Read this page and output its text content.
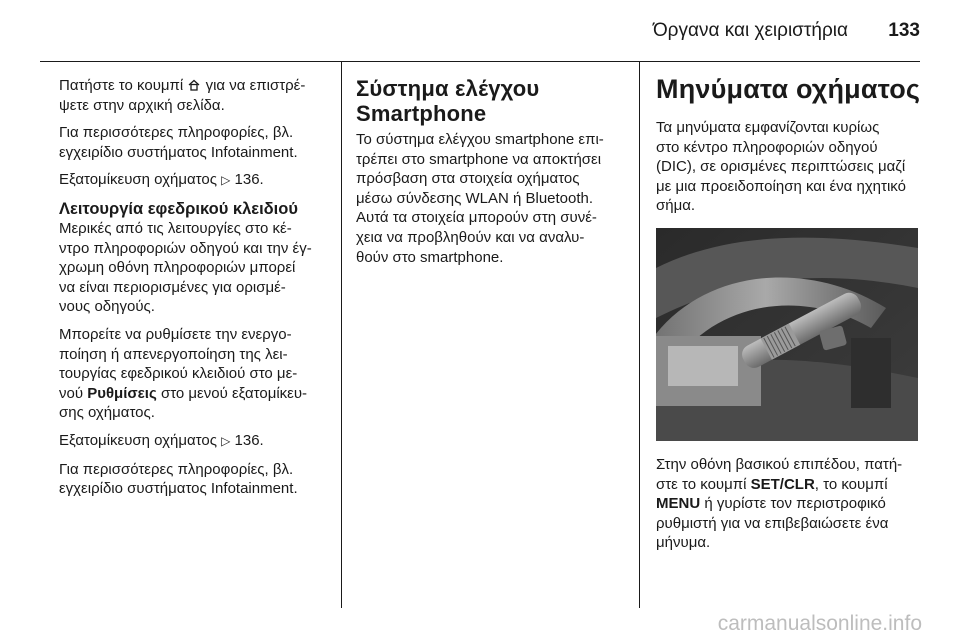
Όργανα και χειριστήρια 133

Πατήστε το κουμπί για να επιστρέ-
ψετε στην αρχική σελίδα.

Για περισσότερες πληροφορίες, βλ.
εγχειρίδιο συστήματος Infotainment.

Εξατομίκευση οχήματος ▷ 136.

Λειτουργία εφεδρικού κλειδιού

Μερικές από τις λειτουργίες στο κέ-
ντρο πληροφοριών οδηγού και την έγ-
χρωμη οθόνη πληροφοριών μπορεί
να είναι περιορισμένες για ορισμέ-
νους οδηγούς.

Μπορείτε να ρυθμίσετε την ενεργο-
ποίηση ή απενεργοποίηση της λει-
τουργίας εφεδρικού κλειδιού στο με-
νού Ρυθμίσεις στο μενού εξατομίκευ-
σης οχήματος.

Εξατομίκευση οχήματος ▷ 136.

Για περισσότερες πληροφορίες, βλ.
εγχειρίδιο συστήματος Infotainment.

Σύστημα ελέγχου
Smartphone

Το σύστημα ελέγχου smartphone επι-
τρέπει στο smartphone να αποκτήσει
πρόσβαση στα στοιχεία οχήματος
μέσω σύνδεσης WLAN ή Bluetooth.
Αυτά τα στοιχεία μπορούν στη συνέ-
χεια να προβληθούν και να αναλυ-
θούν στο smartphone.

Μηνύματα οχήματος

Τα μηνύματα εμφανίζονται κυρίως
στο κέντρο πληροφοριών οδηγού
(DIC), σε ορισμένες περιπτώσεις μαζί
με μια προειδοποίηση και ένα ηχητικό
σήμα.

Στην οθόνη βασικού επιπέδου, πατή-
στε το κουμπί SET/CLR, το κουμπί
MENU ή γυρίστε τον περιστροφικό
ρυθμιστή για να επιβεβαιώσετε ένα
μήνυμα.

carmanualsonline.info
